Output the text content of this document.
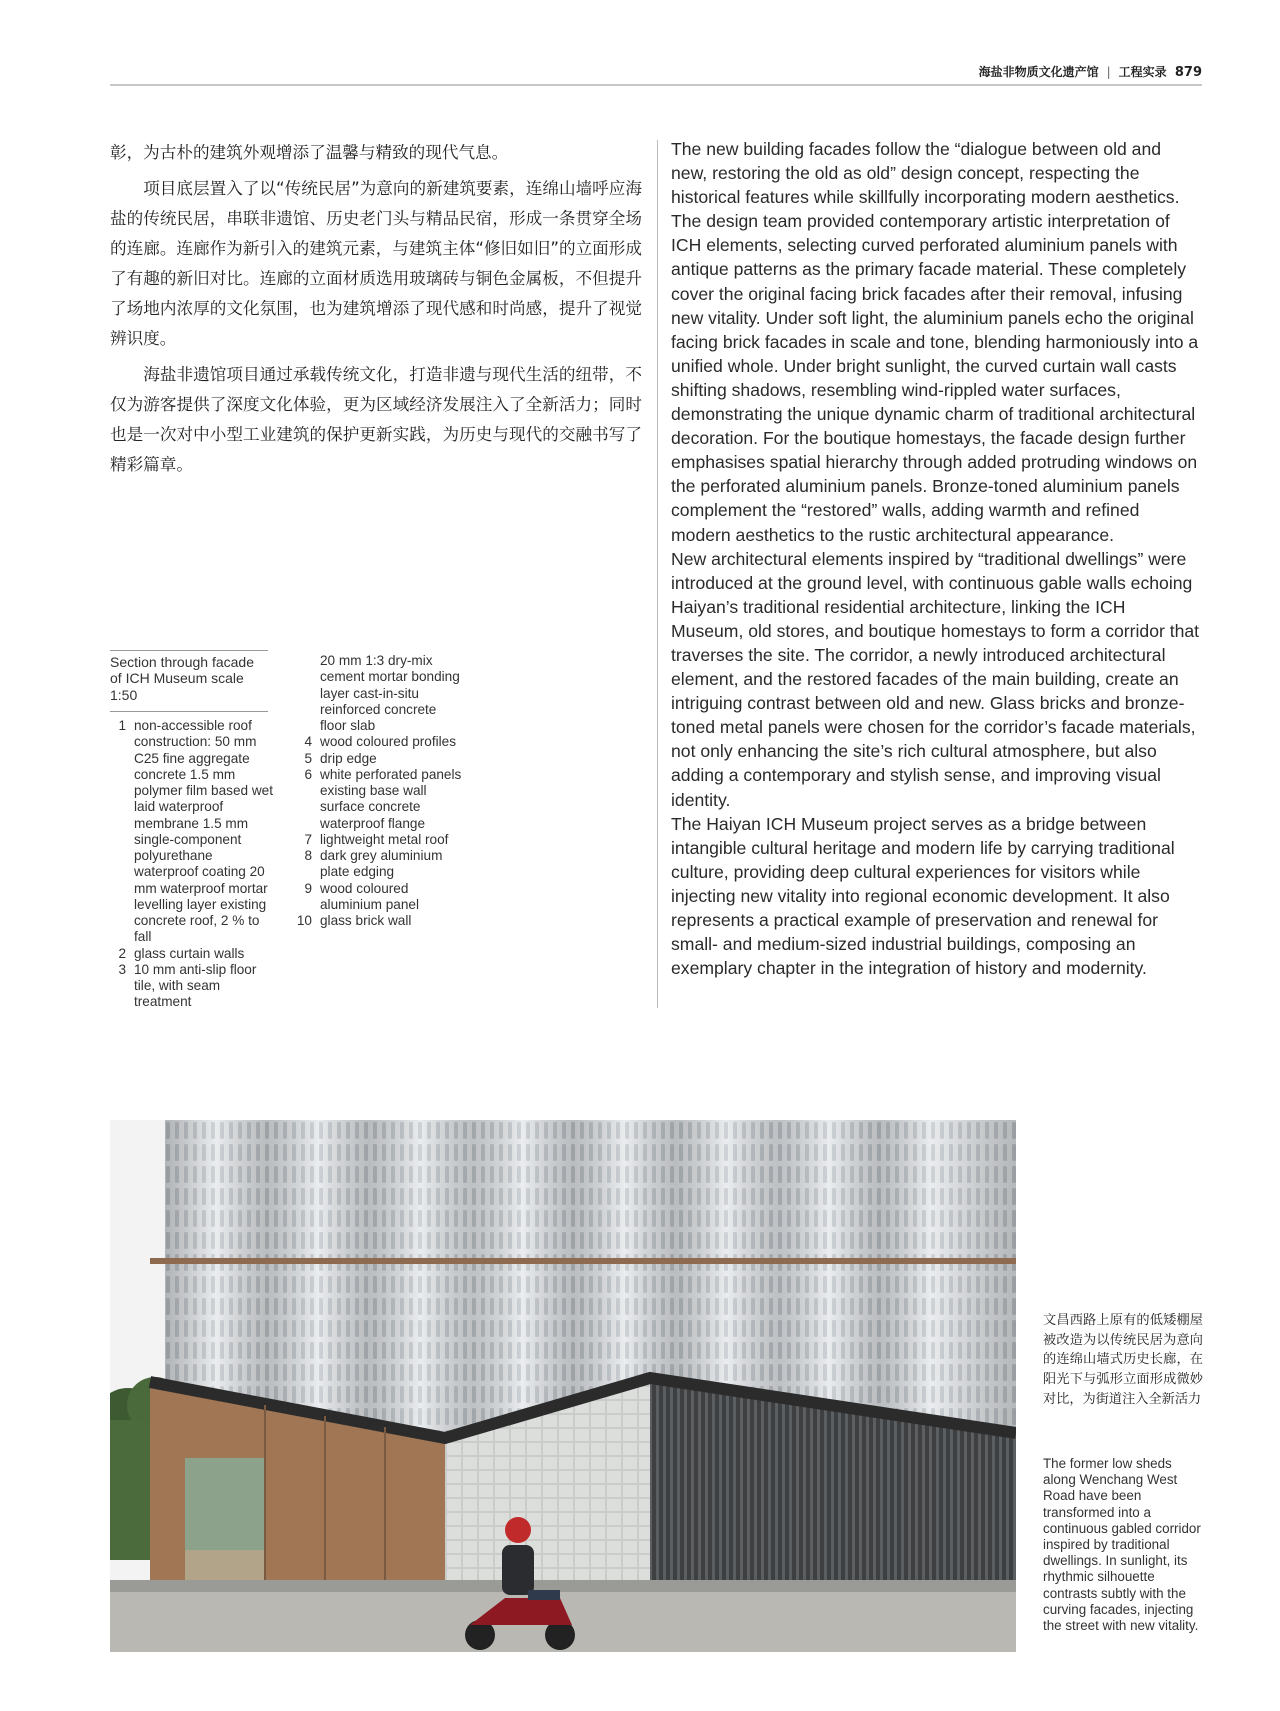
海盐非物质文化遗产馆 | 工程实录 879

彰，为古朴的建筑外观增添了温馨与精致的现代气息。

项目底层置入了以“传统民居”为意向的新建筑要素，连绵山墙呼应海盐的传统民居，串联非遗馆、历史老门头与精品民宿，形成一条贯穿全场的连廊。连廊作为新引入的建筑元素，与建筑主体“修旧如旧”的立面形成了有趣的新旧对比。连廊的立面材质选用玻璃砖与铜色金属板，不但提升了场地内浓厚的文化氛围，也为建筑增添了现代感和时尚感，提升了视觉辨识度。

海盐非遗馆项目通过承载传统文化，打造非遗与现代生活的纽带，不仅为游客提供了深度文化体验，更为区域经济发展注入了全新活力；同时也是一次对中小型工业建筑的保护更新实践，为历史与现代的交融书写了精彩篇章。

The new building facades follow the “dialogue between old and new, restoring the old as old” design concept, respecting the historical features while skillfully incorporating modern aesthetics. The design team provided contemporary artistic interpretation of ICH elements, selecting curved perforated aluminium panels with antique patterns as the primary facade material. These completely cover the original facing brick facades after their removal, infusing new vitality. Under soft light, the aluminium panels echo the original facing brick facades in scale and tone, blending harmoniously into a unified whole. Under bright sunlight, the curved curtain wall casts shifting shadows, resembling wind-rippled water surfaces, demonstrating the unique dynamic charm of traditional architectural decoration. For the boutique homestays, the facade design further emphasises spatial hierarchy through added protruding windows on the perforated aluminium panels. Bronze-toned aluminium panels complement the “restored” walls, adding warmth and refined modern aesthetics to the rustic architectural appearance.

New architectural elements inspired by “traditional dwellings” were introduced at the ground level, with continuous gable walls echoing Haiyan’s traditional residential architecture, linking the ICH Museum, old stores, and boutique homestays to form a corridor that traverses the site. The corridor, a newly introduced architectural element, and the restored facades of the main building, create an intriguing contrast between old and new. Glass bricks and bronze-toned metal panels were chosen for the corridor’s facade materials, not only enhancing the site’s rich cultural atmosphere, but also adding a contemporary and stylish sense, and improving visual identity.

The Haiyan ICH Museum project serves as a bridge between intangible cultural heritage and modern life by carrying traditional culture, providing deep cultural experiences for visitors while injecting new vitality into regional economic development. It also represents a practical example of preservation and renewal for small- and medium-sized industrial buildings, composing an exemplary chapter in the integration of history and modernity.

Section through facade of ICH Museum scale 1:50
1 non-accessible roof construction: 50 mm C25 fine aggregate concrete 1.5 mm polymer film based wet laid waterproof membrane 1.5 mm single-component polyurethane waterproof coating 20 mm waterproof mortar levelling layer existing concrete roof, 2 % to fall
2 glass curtain walls
3 10 mm anti-slip floor tile, with seam treatment
20 mm 1:3 dry-mix cement mortar bonding layer cast-in-situ reinforced concrete floor slab
4 wood coloured profiles
5 drip edge
6 white perforated panels existing base wall surface concrete waterproof flange
7 lightweight metal roof
8 dark grey aluminium plate edging
9 wood coloured aluminium panel
10 glass brick wall
文昌西路上原有的低矮棚屋被改造为以传统民居为意向的连绵山墙式历史长廊，在阳光下与弧形立面形成微妙对比，为街道注入全新活力
The former low sheds along Wenchang West Road have been transformed into a continuous gabled corridor inspired by traditional dwellings. In sunlight, its rhythmic silhouette contrasts subtly with the curving facades, injecting the street with new vitality.
